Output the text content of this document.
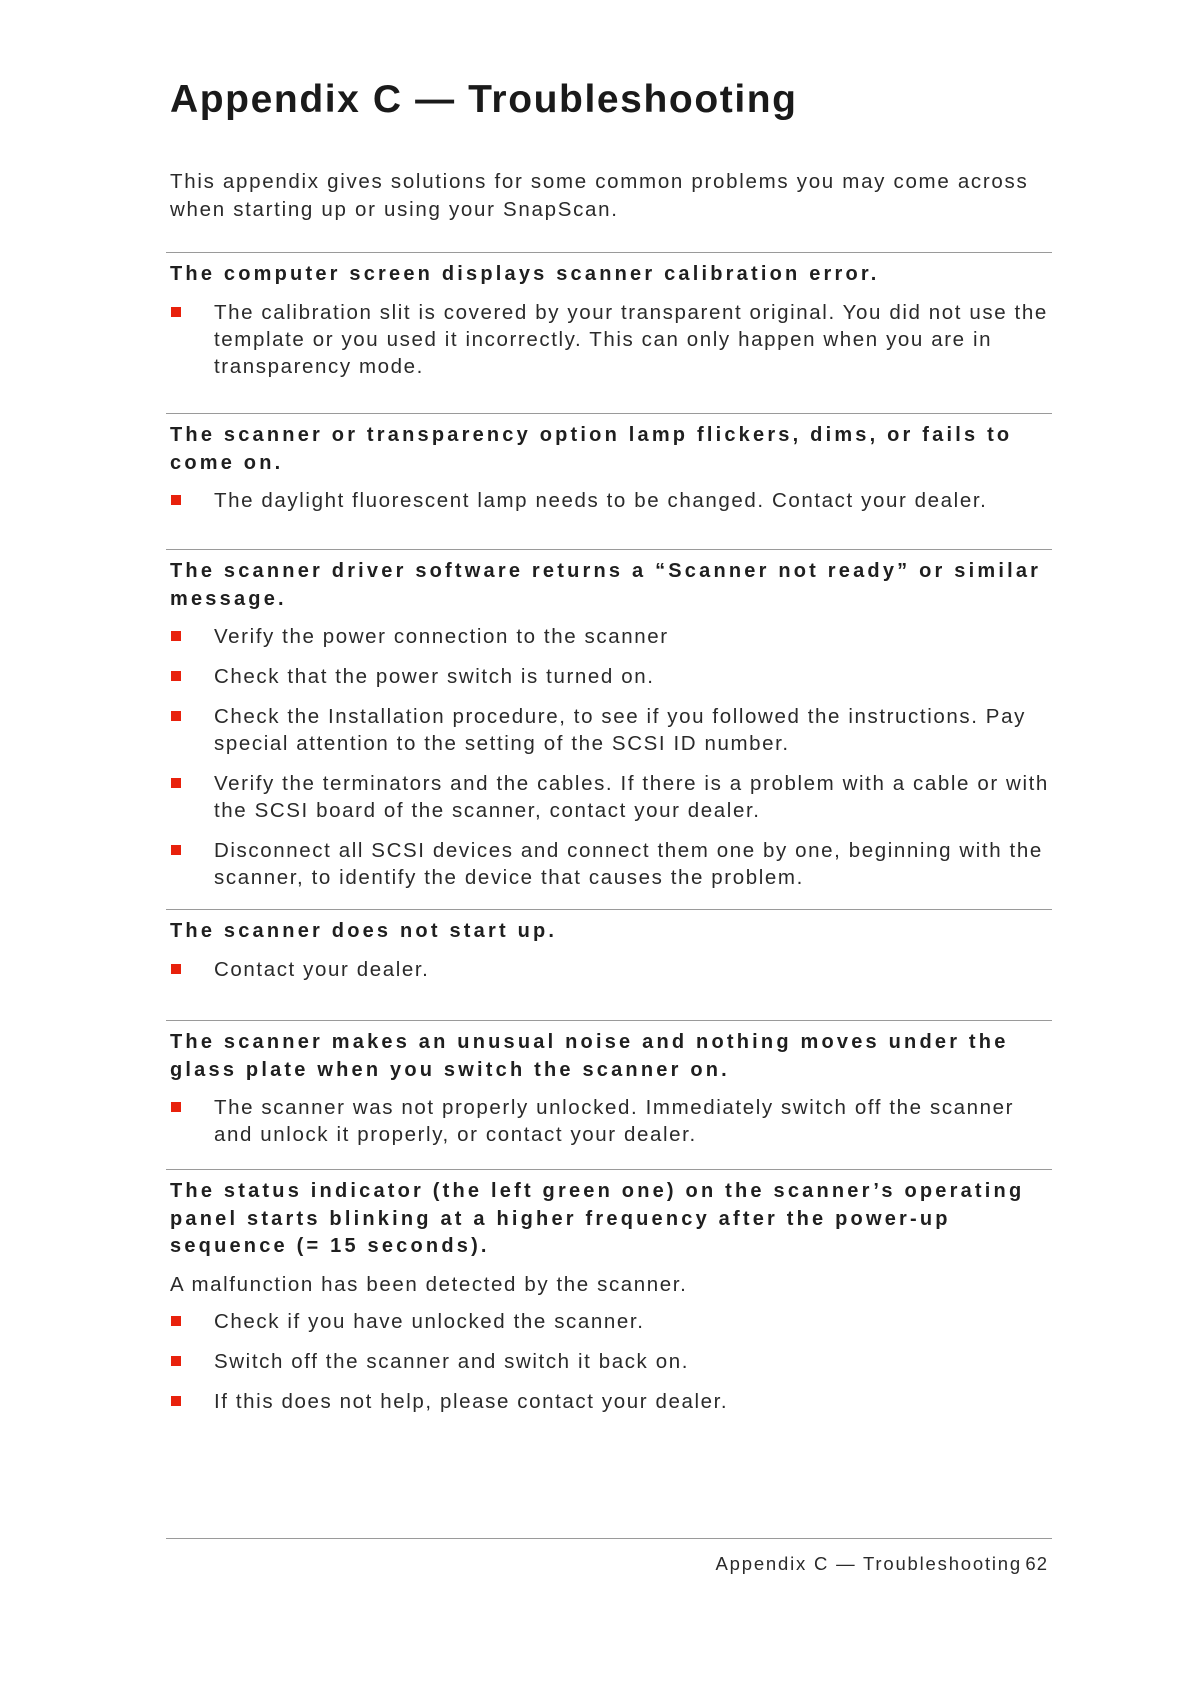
Appendix C — Troubleshooting

This appendix gives solutions for some common problems you may come across when starting up or using your SnapScan.

The computer screen displays scanner calibration error.
The calibration slit is covered by your transparent original. You did not use the template or you used it incorrectly. This can only happen when you are in transparency mode.
The scanner or transparency option lamp flickers, dims, or fails to come on.
The daylight fluorescent lamp needs to be changed. Contact your dealer.
The scanner driver software returns a “Scanner not ready” or similar message.
Verify the power connection to the scanner
Check that the power switch is turned on.
Check the Installation procedure, to see if you followed the instructions. Pay special attention to the setting of the SCSI ID number.
Verify the terminators and the cables. If there is a problem with a cable or with the SCSI board of the scanner, contact your dealer.
Disconnect all SCSI devices and connect them one by one, beginning with the scanner, to identify the device that causes the problem.
The scanner does not start up.
Contact your dealer.
The scanner makes an unusual noise and nothing moves under the glass plate when you switch the scanner on.
The scanner was not properly unlocked. Immediately switch off the scanner and unlock it properly, or contact your dealer.
The status indicator (the left green one) on the scanner’s operating panel starts blinking at a higher frequency after the power-up sequence (= 15 seconds).

A malfunction has been detected by the scanner.

Check if you have unlocked the scanner.
Switch off the scanner and switch it back on.
If this does not help, please contact your dealer.
Appendix C — Troubleshooting 62
